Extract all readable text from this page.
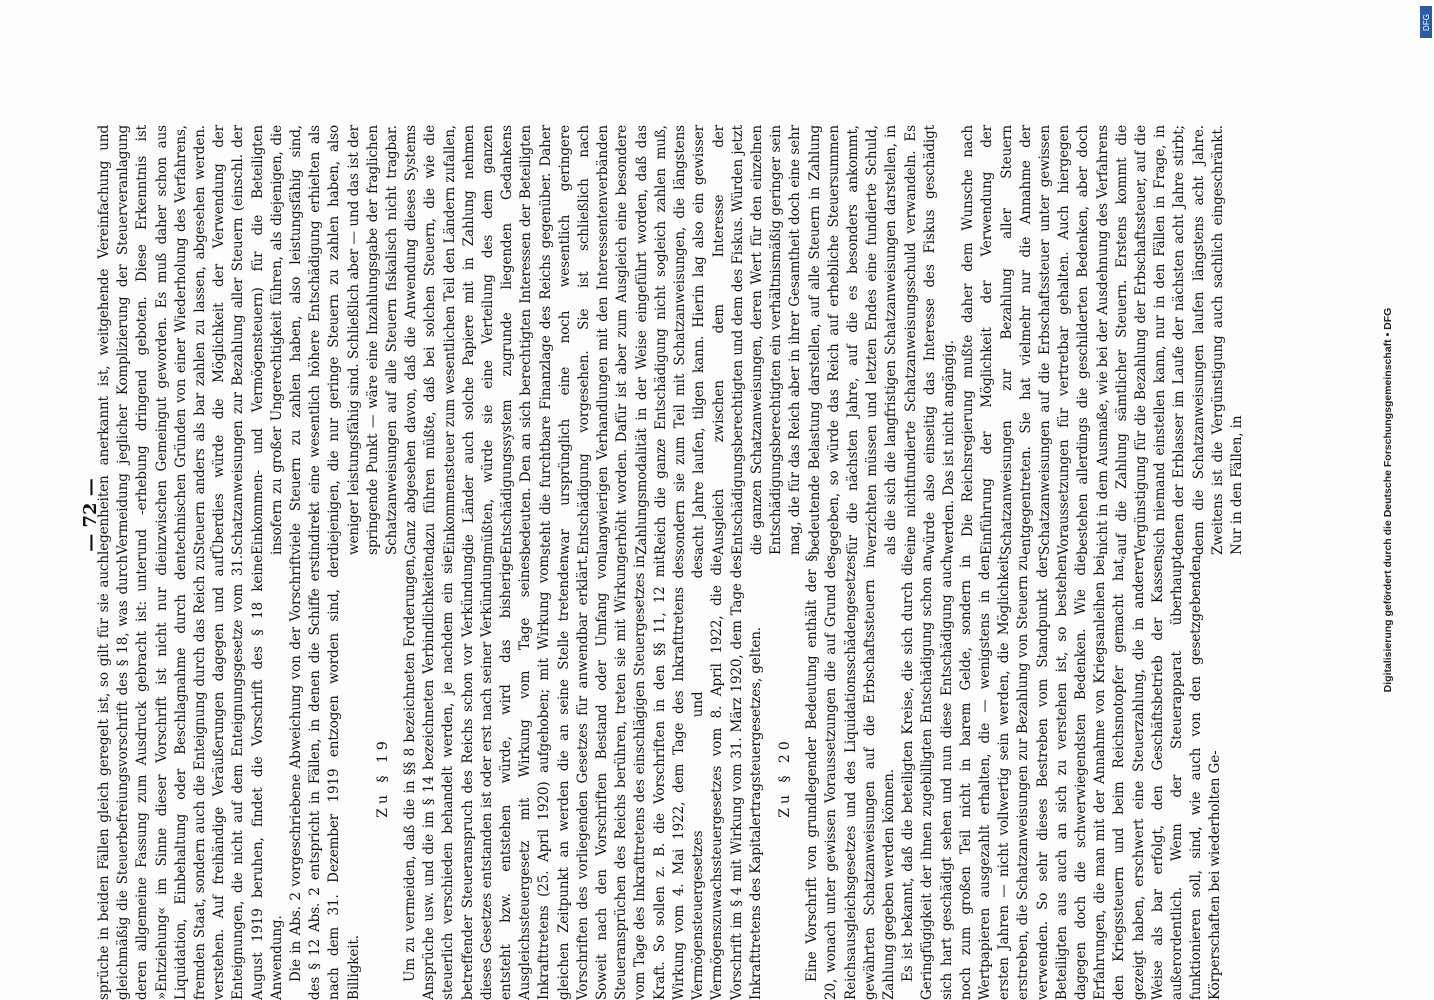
— 72 —

sprüche in beiden Fällen gleich geregelt ist, so gilt für sie auch gleichmäßig die Steuerbefreiungsvorschrift des § 18, was durch deren allgemeine Fassung zum Ausdruck gebracht ist: unter »Entziehung« im Sinne dieser Vorschrift ist nicht nur die Liquidation, Einbehaltung oder Beschlagnahme durch den fremden Staat, sondern auch die Enteignung durch das Reich zu verstehen. Auf freihändige Veräußerungen dagegen und auf Enteignungen, die nicht auf dem Enteignungsgesetze vom 31. August 1919 beruhen, findet die Vorschrift des § 18 keine Anwendung. Die in Abs. 2 vorgeschriebene Abweichung von der Vorschrift des § 12 Abs. 2 entspricht in Fällen, in denen die Schiffe erst nach dem 31. Dezember 1919 entzogen worden sind, der Billigkeit.

Zu § 19 Um zu vermeiden, daß die in §§ 8 bezeichneten Forderungen, Ansprüche usw. und die im § 14 bezeichneten Verbindlichkeiten steuerlich verschieden behandelt werden, je nachdem ein sie betreffender Steueranspruch des Reichs schon vor Verkündung dieses Gesetzes entstanden ist oder erst nach seiner Verkündung entsteht bzw. entstehen würde, wird das bisherige Ausgleichssteuergesetz mit Wirkung vom Tage seines Inkrafttretens (25. April 1920) aufgehoben; mit Wirkung vom gleichen Zeitpunkt an werden die an seine Stelle tretenden Vorschriften des vorliegenden Gesetzes für anwendbar erklärt. Soweit nach den Vorschriften Bestand oder Umfang von Steueransprüchen des Reichs berühren, treten sie mit Wirkung vom Tage des Inkrafttretens des einschlägigen Steuergesetzes in Kraft. So sollen z. B. die Vorschriften in den §§ 11, 12 mit Wirkung vom 4. Mai 1922, dem Tage des Inkrafttretens des Vermögensteuergesetzes und des Vermögenszuwachssteuergesetzes vom 8. April 1922, die die Vorschrift im § 4 mit Wirkung vom 31. März 1920, dem Tage des Inkrafttretens des Kapitalertragsteuergesetzes, gelten. Zu § 20 Eine Vorschrift von grundlegender Bedeutung enthält der § 20, wonach unter gewissen Voraussetzungen die auf Grund des Reichsausgleichsgesetzes und des Liquidationsschädengesetzes gewährten Schatzanweisungen auf die Erbschaftssteuern in Zahlung gegeben werden können. Es ist bekannt, daß die beteiligten Kreise, die sich durch die Geringfügigkeit der ihnen zugebilligten Entschädigung schon an sich hart geschädigt sehen und nun diese Entschädigung auch noch zum großen Teil nicht in barem Gelde, sondern in Wertpapieren ausgezahlt erhalten, die — wenigstens in den ersten Jahren — nicht vollwertig sein werden, die Möglichkeit erstreben, die Schatzanweisungen zur Bezahlung von Steuern zu verwenden. So sehr dieses Bestreben vom Standpunkt der Beteiligten aus auch an sich zu verstehen ist, so bestehen dagegen doch die schwerwiegendsten Bedenken. Wie die Erfahrungen, die man mit der Annahme von Kriegsanleihen bei den Kriegssteuern und beim Reichsnotopfer gemacht hat, gezeigt haben, erschwert eine Steuerzahlung, die in anderer Weise als bar erfolgt, den Geschäftsbetrieb der Kassen außerordentlich. Wenn der Steuerapparat überhaupt funktionieren soll, sind, wie auch von den gesetzgebenden Körperschaften bei wiederholten Ge-

legenheiten anerkannt ist, weitgehende Vereinfachung und Vermeidung jeglicher Komplizierung der Steuerveranlagung und -erhebung dringend geboten. Diese Erkenntnis ist inzwischen Gemeingut geworden. Es muß daher schon aus technischen Gründen von einer Wiederholung des Verfahrens, Steuern anders als bar zahlen zu lassen, abgesehen werden. Überdies würde die Möglichkeit der Verwendung der Schatzanweisungen zur Bezahlung aller Steuern (einschl. der Einkommen- und Vermögensteuern) für die Beteiligten insofern zu großer Ungerechtigkeit führen, als diejenigen, die viele Steuern zu zahlen haben, also leistungsfähig sind, indirekt eine wesentlich höhere Entschädigung erhielten als diejenigen, die nur geringe Steuern zu zahlen haben, also weniger leistungsfähig sind. Schließlich aber — und das ist der springende Punkt — wäre eine Inzahlungsgabe der fraglichen Schatzanweisungen auf alle Steuern fiskalisch nicht tragbar. Ganz abgesehen davon, daß die Anwendung dieses Systems dazu führen müßte, daß bei solchen Steuern, die wie die Einkommensteuer zum wesentlichen Teil den Ländern zufallen, die Länder auch solche Papiere mit in Zahlung nehmen müßten, würde sie eine Verteilung des dem ganzen Entschädigungssystem zugrunde liegenden Gedankens bedeuten. Den an sich berechtigten Interessen der Beteiligten steht die furchtbare Finanzlage des Reichs gegenüber. Daher war ursprünglich eine noch wesentlich geringere Entschädigung vorgesehen. Sie ist schließlich nach langwierigen Verhandlungen mit den Interessentenverbänden erhöht worden. Dafür ist aber zum Ausgleich eine besondere Zahlungsmodalität in der Weise eingeführt worden, daß das Reich die ganze Entschädigung nicht sogleich zahlen muß, sondern sie zum Teil mit Schatzanweisungen, die längstens acht Jahre laufen, tilgen kann. Hierin lag also ein gewisser Ausgleich zwischen dem Interesse der Entschädigungsberechtigten und dem des Fiskus. Würden jetzt die ganzen Schatzanweisungen, deren Wert für den einzelnen Entschädigungsberechtigten ein verhältnismäßig geringer sein mag, die für das Reich aber in ihrer Gesamtheit doch eine sehr bedeutende Belastung darstellen, auf alle Steuern in Zahlung gegeben, so würde das Reich auf erhebliche Steuersummen für die nächsten Jahre, auf die es besonders ankommt, verzichten müssen und letzten Endes eine fundierte Schuld, als die sich die langfristigen Schatzanweisungen darstellen, in eine nichtfundierte Schatzanweisungsschuld verwandeln. Es würde also einseitig das Interesse des Fiskus geschädigt werden. Das ist nicht angängig. Die Reichsregierung mußte daher dem Wunsche nach Einführung der Möglichkeit der Verwendung der Schatzanweisungen zur Bezahlung aller Steuern entgegentreten. Sie hat vielmehr nur die Annahme der Schatzanweisungen auf die Erbschaftssteuer unter gewissen Voraussetzungen für vertretbar gehalten. Auch hiergegen bestehen allerdings die geschilderten Bedenken, aber doch nicht in dem Ausmaße, wie bei der Ausdehnung des Verfahrens auf die Zahlung sämtlicher Steuern. Erstens kommt die Vergünstigung für die Bezahlung der Erbschaftssteuer, auf die sich niemand einstellen kann, nur in den Fällen in Frage, in denen der Erblasser im Laufe der nächsten acht Jahre stirbt; denn die Schatzanweisungen laufen längstens acht Jahre. Zweitens ist die Vergünstigung auch sachlich eingeschränkt. Nur in den Fällen, in	Digitalisierung gefördert durch die Deutsche Forschungsgemeinschaft • DFG
DFG
